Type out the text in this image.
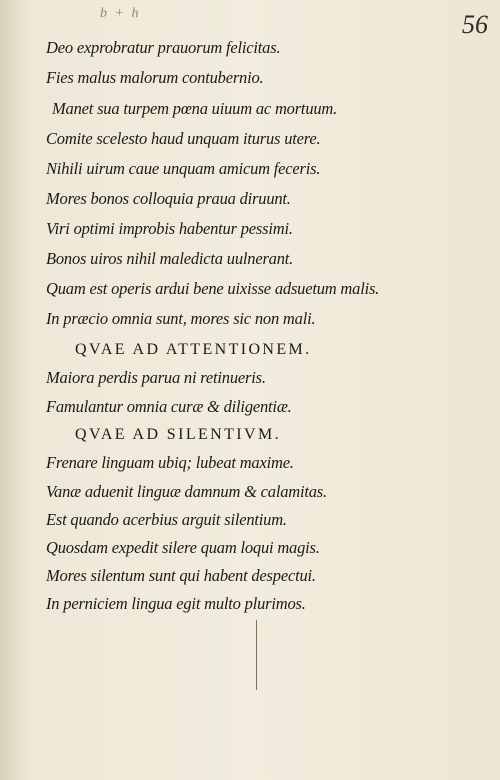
b + h	56
Deo exprobratur prauorum felicitas.
Fies malus malorum contubernio.
Manet sua turpem pœna uiuum ac mortuum.
Comite scelesto haud unquam iturus utere.
Nihili uirum caue unquam amicum feceris.
Mores bonos colloquia praua diruunt.
Viri optimi improbis habentur pessimi.
Bonos uiros nihil maledicta uulnerant.
Quam est operis ardui bene uixisse adsuetum malis.
In præcio omnia sunt, mores sic non mali.
QVAE AD ATTENTIONEM.
Maiora perdis parua ni retinueris.
Famulantur omnia curæ & diligentiæ.
QVAE AD SILENTIVM.
Frenare linguam ubiq; lubeat maxime.
Vanæ aduenit linguæ damnum & calamitas.
Est quando acerbius arguit silentium.
Quosdam expedit silere quam loqui magis.
Mores silentum sunt qui habent despectui.
In perniciem lingua egit multo plurimos.
